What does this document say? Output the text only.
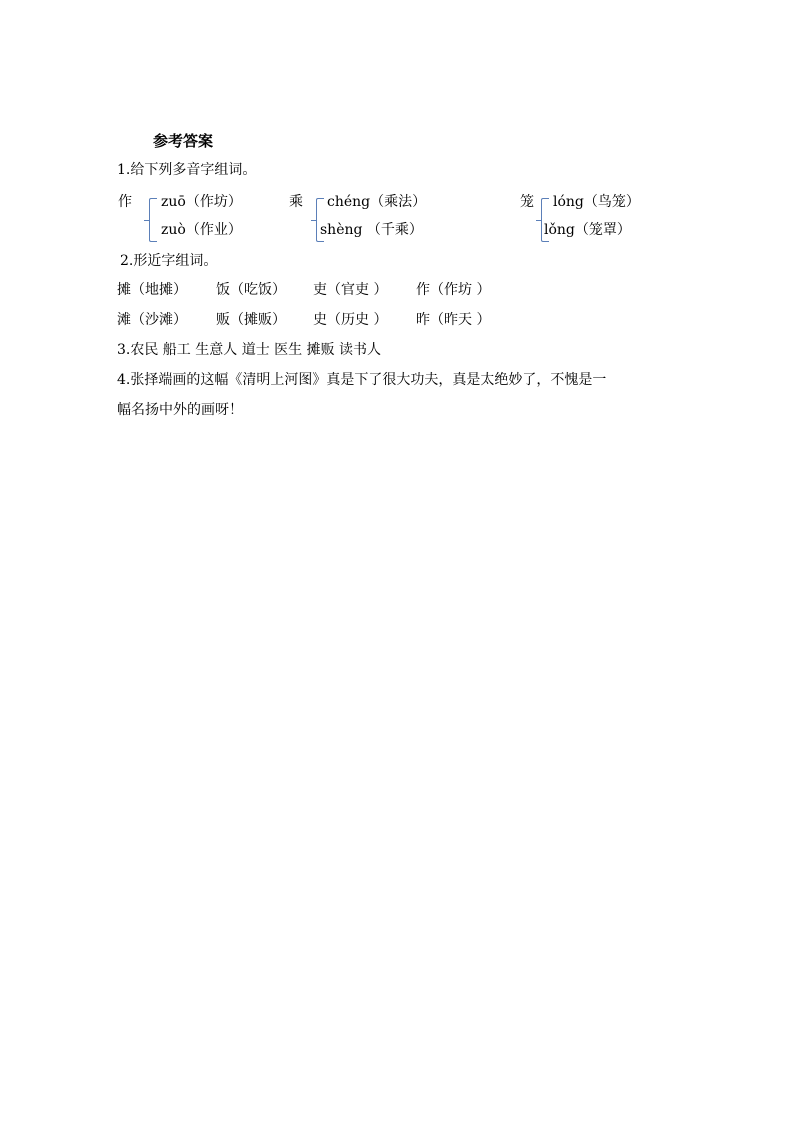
参考答案
1.给下列多音字组词。
作 zuō（作坊）
zuò（作业）
乘 chéng（乘法）
shèng （千乘）
笼 lóng（鸟笼）
lǒng（笼罩）
2.形近字组词。
摊（地摊） 饭（吃饭） 吏（官吏 ） 作（作坊 ）
滩（沙滩） 贩（摊贩） 史（历史 ） 昨（昨天 ）
3.农民 船工 生意人 道士 医生 摊贩 读书人
4.张择端画的这幅《清明上河图》真是下了很大功夫，真是太绝妙了，不愧是一
幅名扬中外的画呀！
